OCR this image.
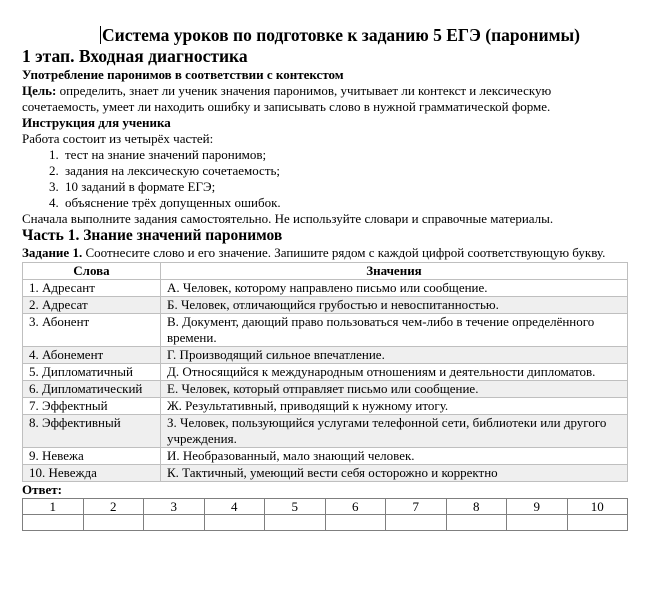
Система уроков по подготовке к заданию 5 ЕГЭ (паронимы)
1 этап. Входная диагностика
Употребление паронимов в соответствии с контекстом

Цель: определить, знает ли ученик значения паронимов, учитывает ли контекст и лексическую сочетаемость, умеет ли находить ошибку и записывать слово в нужной грамматической форме.

Инструкция для ученика

Работа состоит из четырёх частей:

1. тест на знание значений паронимов;
2. задания на лексическую сочетаемость;
3. 10 заданий в формате ЕГЭ;
4. объяснение трёх допущенных ошибок.

Сначала выполните задания самостоятельно. Не используйте словари и справочные материалы.

Часть 1. Знание значений паронимов

Задание 1. Соотнесите слово и его значение. Запишите рядом с каждой цифрой соответствующую букву.

Слова	Значения
1. Адресант	А. Человек, которому направлено письмо или сообщение.
2. Адресат	Б. Человек, отличающийся грубостью и невоспитанностью.
3. Абонент	В. Документ, дающий право пользоваться чем-либо в течение определённого времени.
4. Абонемент	Г. Производящий сильное впечатление.
5. Дипломатичный	Д. Относящийся к международным отношениям и деятельности дипломатов.
6. Дипломатический	Е. Человек, который отправляет письмо или сообщение.
7. Эффектный	Ж. Результативный, приводящий к нужному итогу.
8. Эффективный	З. Человек, пользующийся услугами телефонной сети, библиотеки или другого учреждения.
9. Невежа	И. Необразованный, мало знающий человек.
10. Невежда	К. Тактичный, умеющий вести себя осторожно и корректно
Ответ:
1	2	3	4	5	6	7	8	9	10
